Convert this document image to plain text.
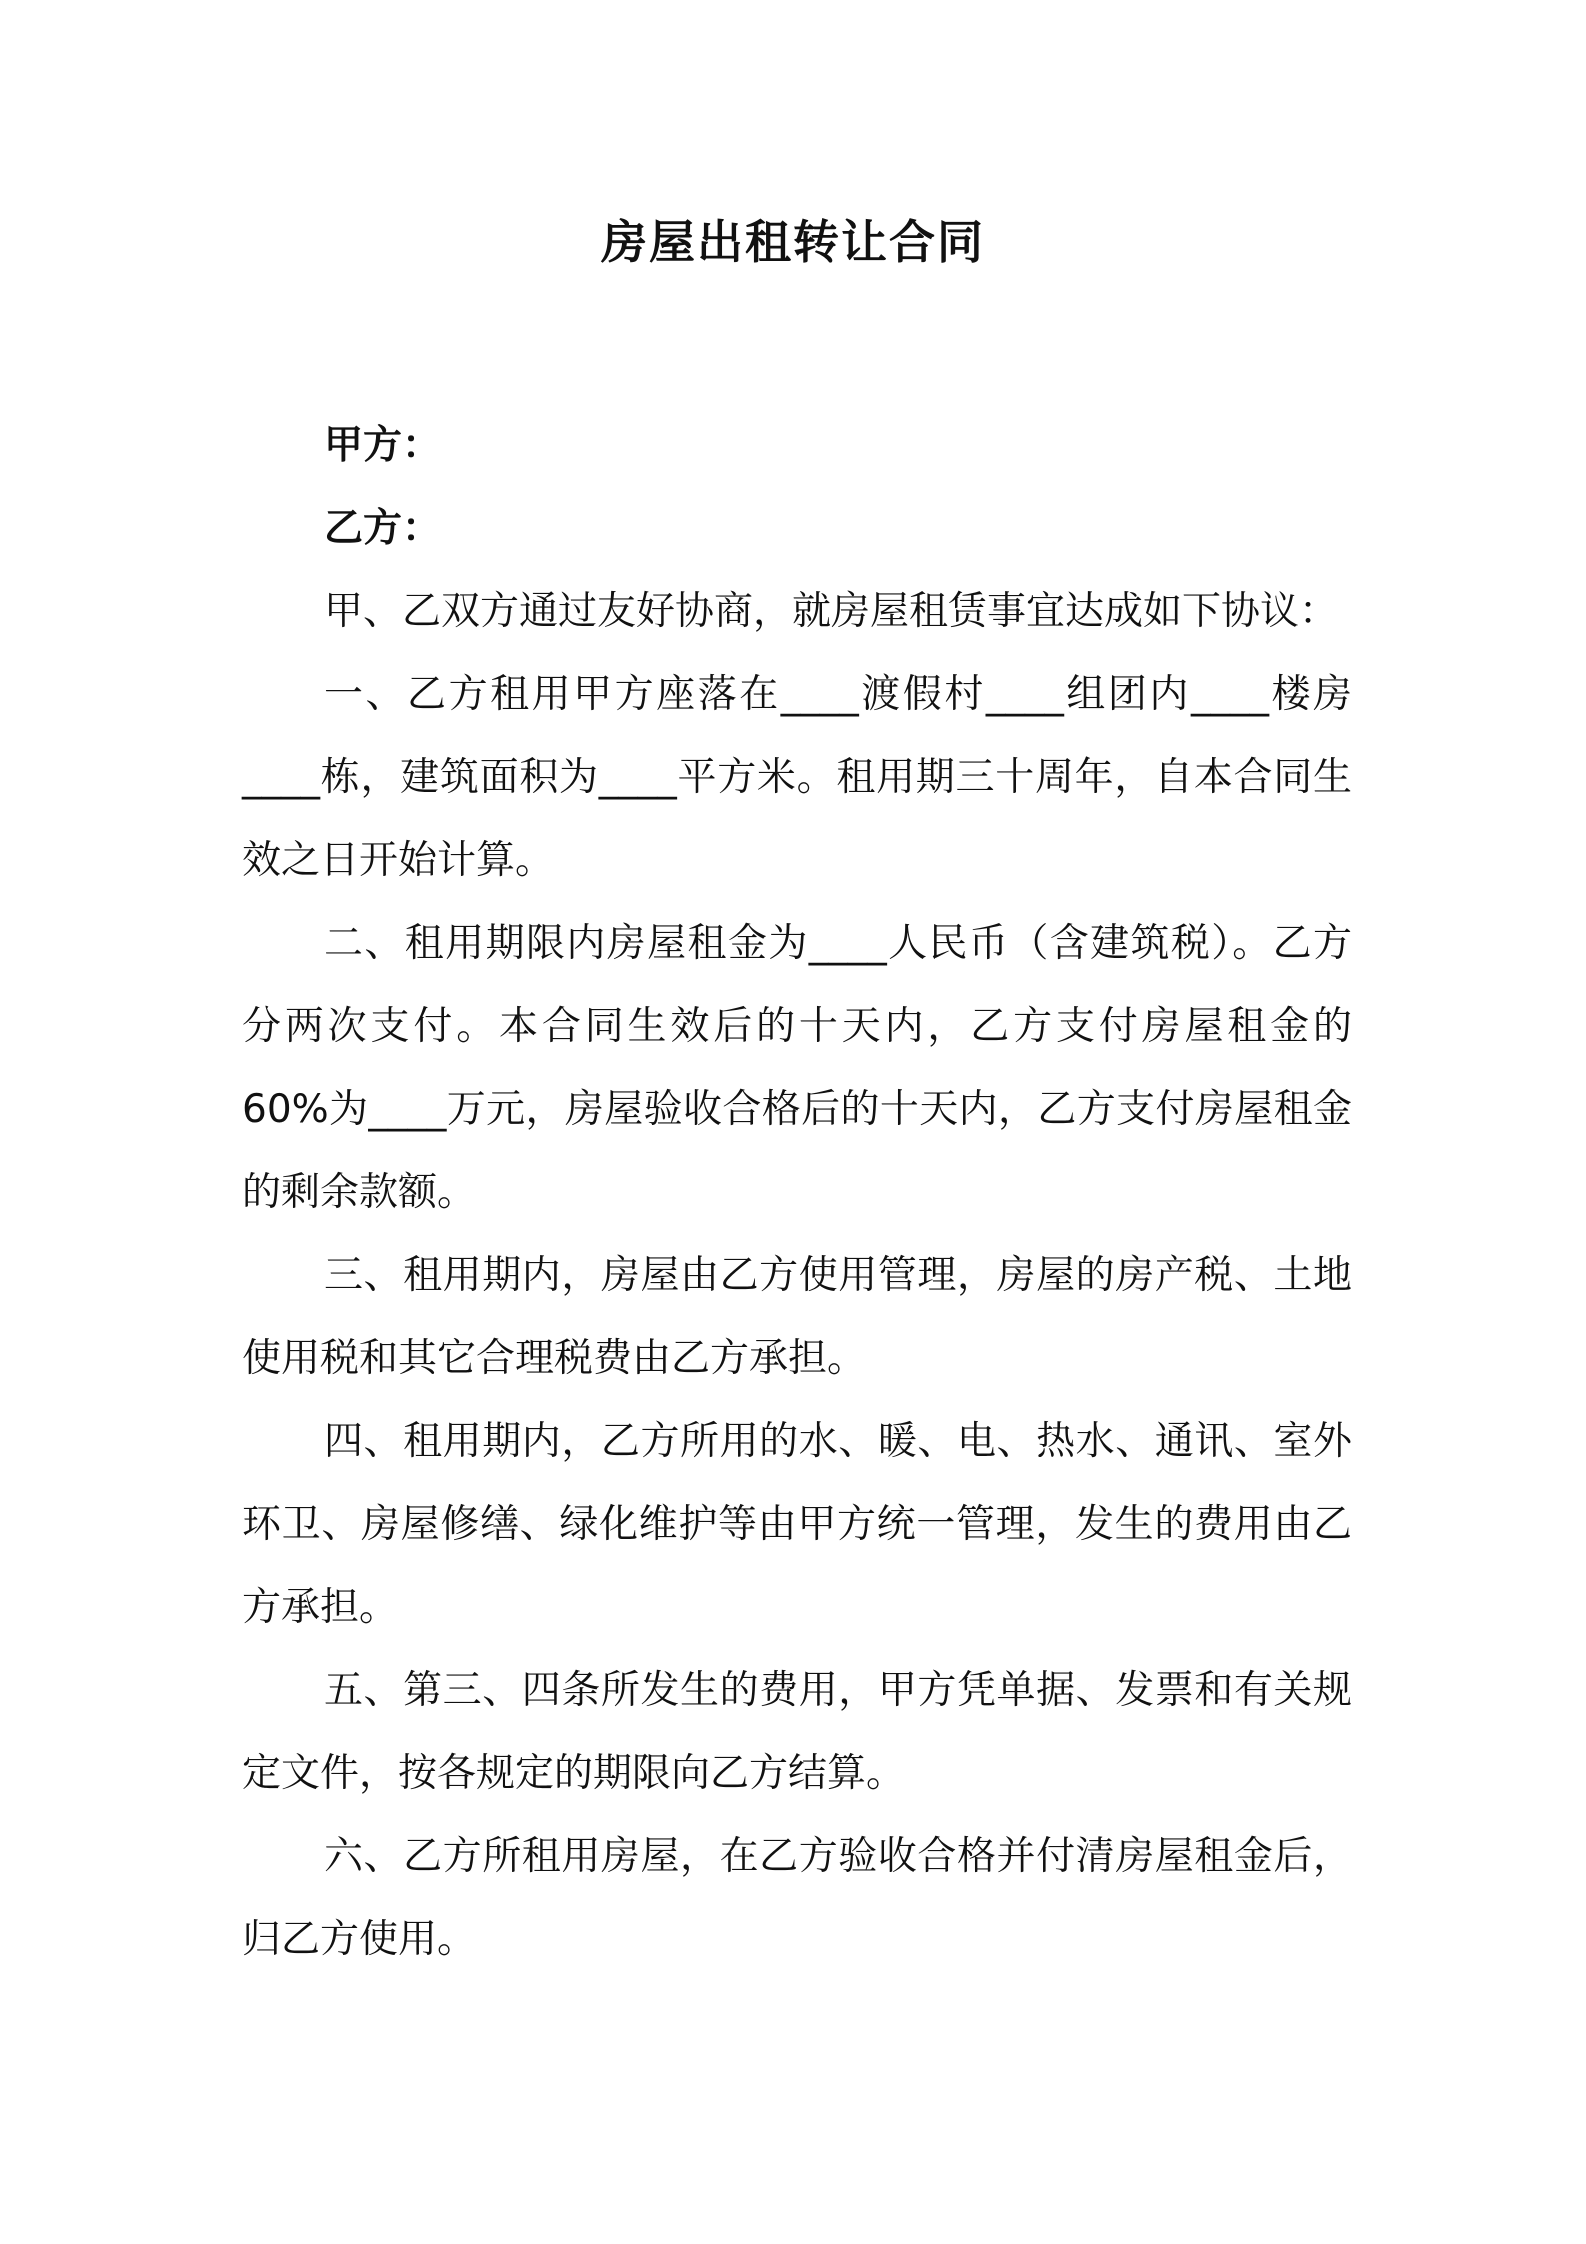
房屋出租转让合同

甲方：

乙方：

甲、乙双方通过友好协商，就房屋租赁事宜达成如下协议：

一、乙方租用甲方座落在____渡假村____组团内____楼房____栋，建筑面积为____平方米。租用期三十周年，自本合同生效之日开始计算。

二、租用期限内房屋租金为____人民币（含建筑税）。乙方分两次支付。本合同生效后的十天内，乙方支付房屋租金的 60%为____万元，房屋验收合格后的十天内，乙方支付房屋租金的剩余款额。

三、租用期内，房屋由乙方使用管理，房屋的房产税、土地使用税和其它合理税费由乙方承担。

四、租用期内，乙方所用的水、暖、电、热水、通讯、室外环卫、房屋修缮、绿化维护等由甲方统一管理，发生的费用由乙方承担。

五、第三、四条所发生的费用，甲方凭单据、发票和有关规定文件，按各规定的期限向乙方结算。

六、乙方所租用房屋，在乙方验收合格并付清房屋租金后，归乙方使用。
